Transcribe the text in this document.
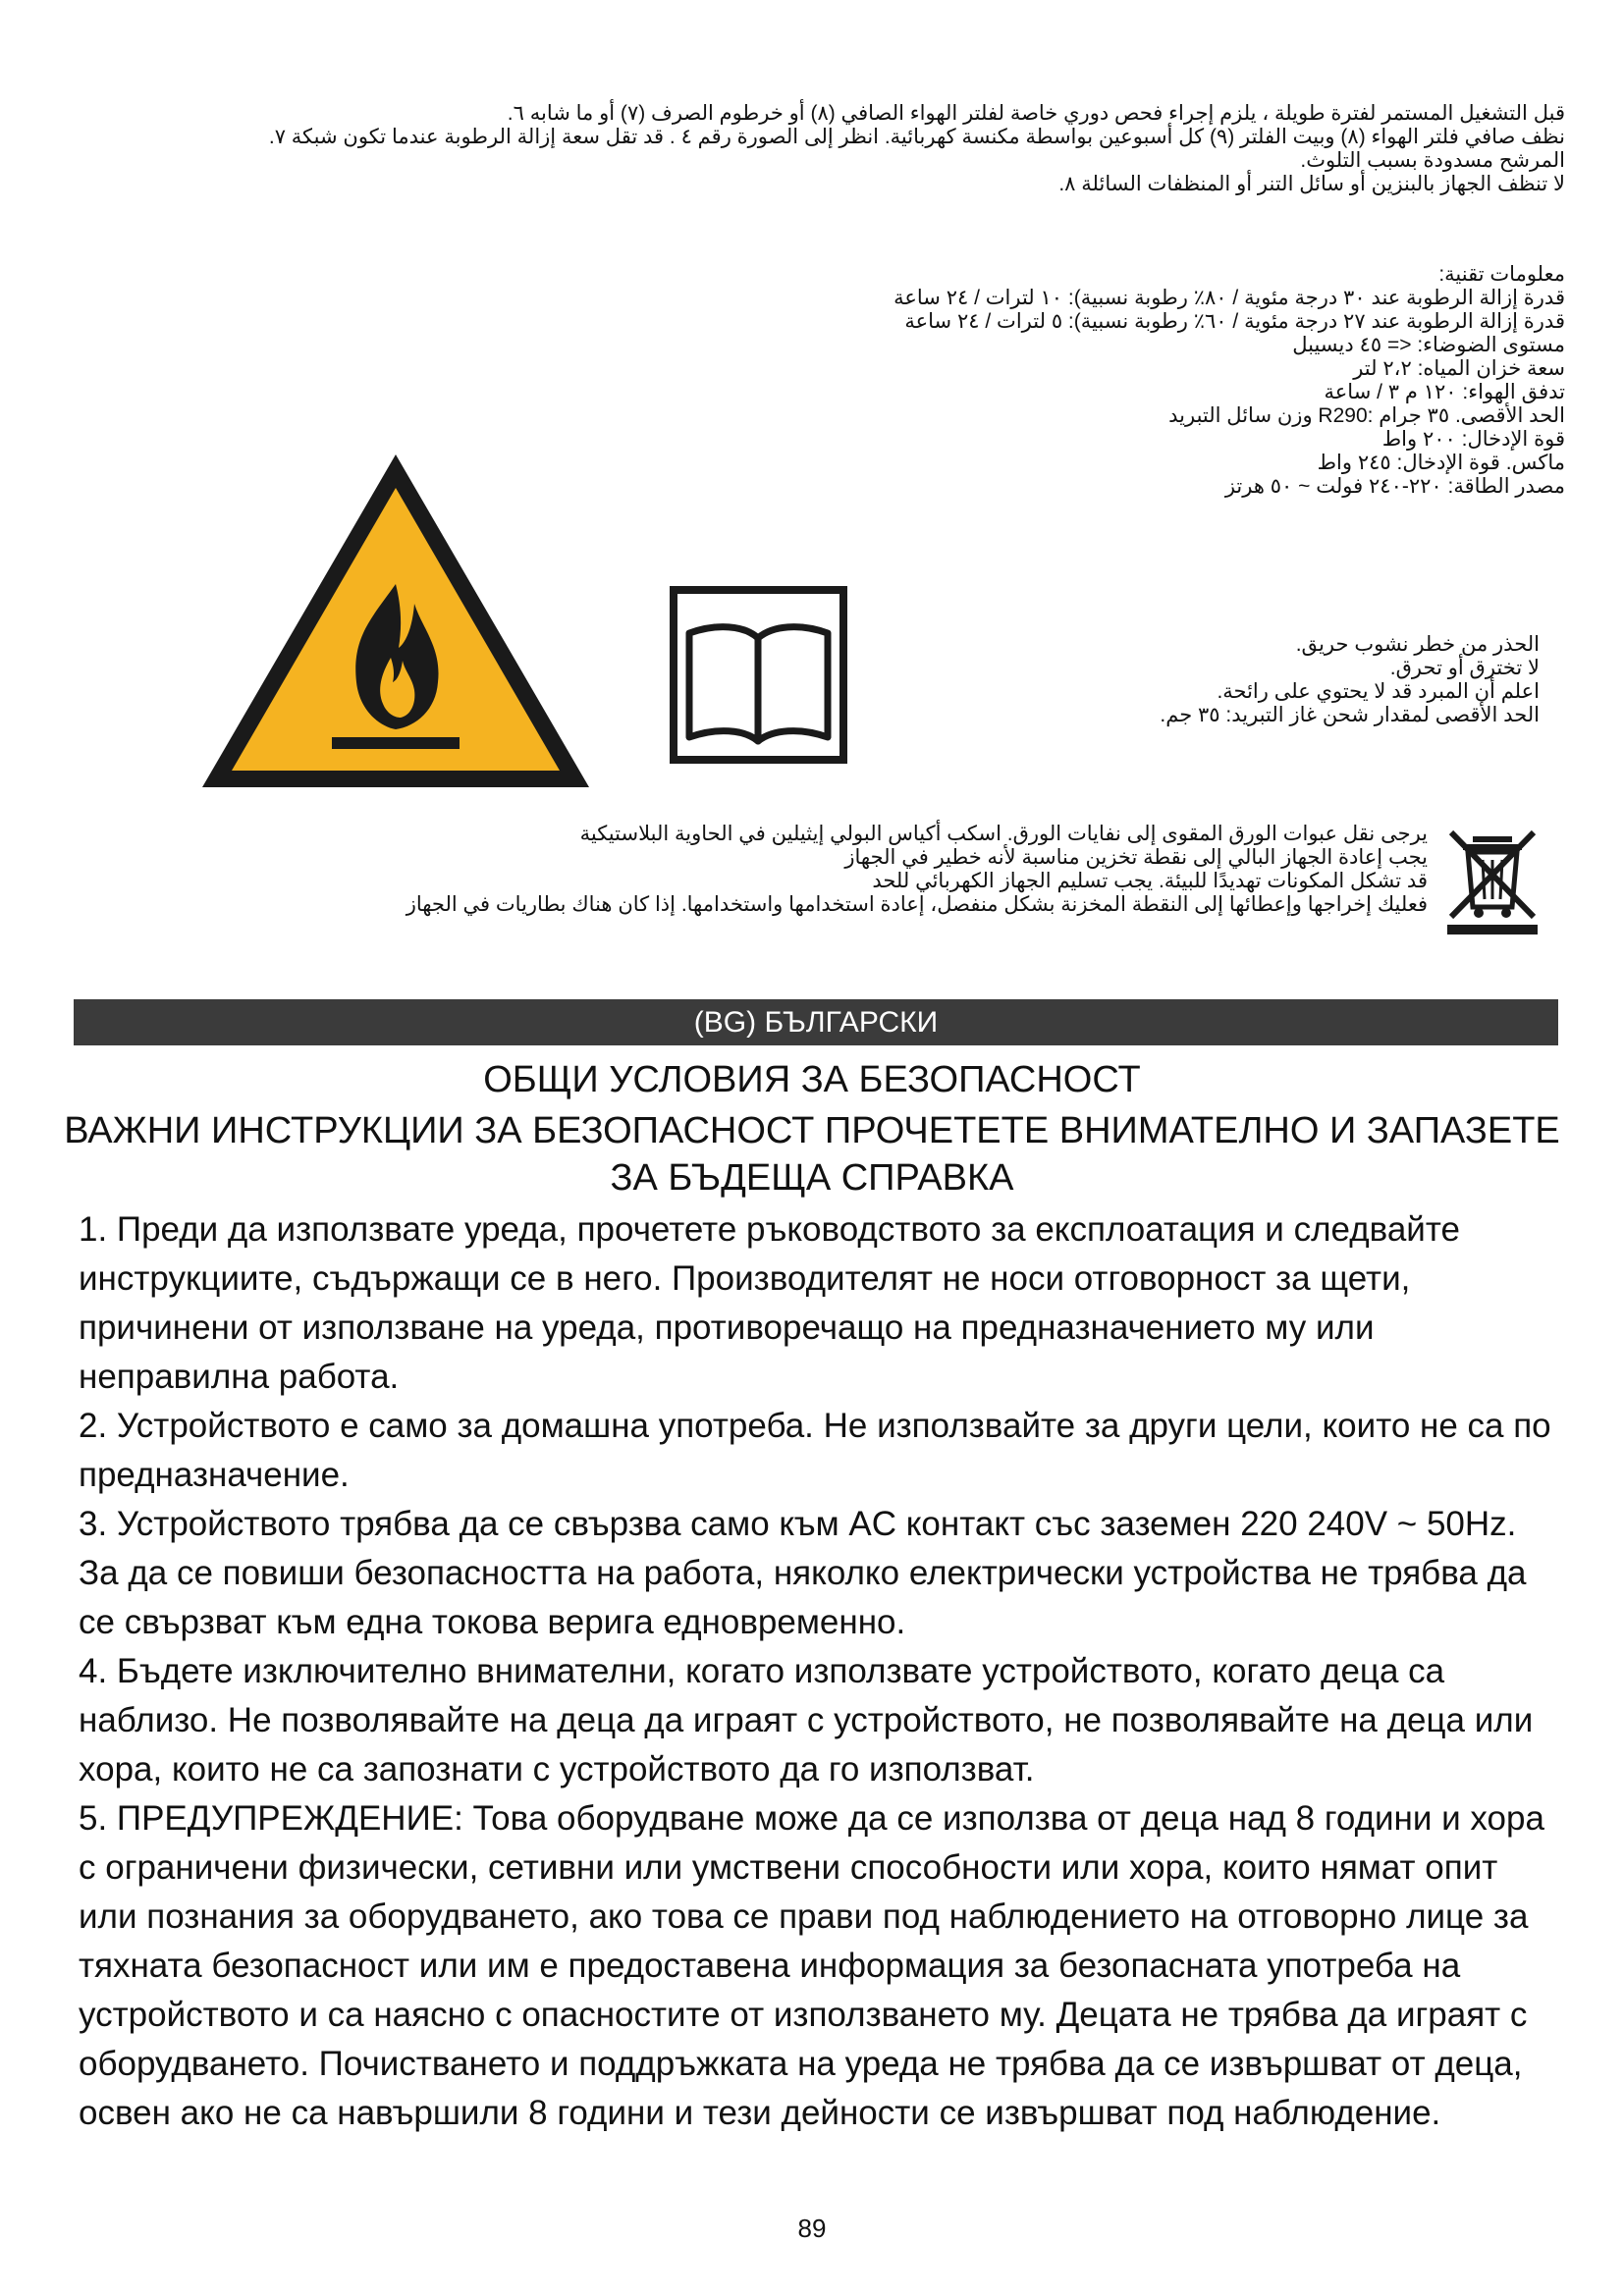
قبل التشغيل المستمر لفترة طويلة ، يلزم إجراء فحص دوري خاصة لفلتر الهواء الصافي (٨) أو خرطوم الصرف (٧) أو ما شابه ٦.

نظف صافي فلتر الهواء (٨) وبيت الفلتر (٩) كل أسبوعين بواسطة مكنسة كهربائية. انظر إلى الصورة رقم ٤ . قد تقل سعة إزالة الرطوبة عندما تكون شبكة ٧.

المرشح مسدودة بسبب التلوث.

لا تنظف الجهاز بالبنزين أو سائل التنر أو المنظفات السائلة ٨.

معلومات تقنية:

قدرة إزالة الرطوبة عند ٣٠ درجة مئوية / ٨٠٪ رطوبة نسبية): ١٠ لترات / ٢٤ ساعة

قدرة إزالة الرطوبة عند ٢٧ درجة مئوية / ٦٠٪ رطوبة نسبية): ٥ لترات / ٢٤ ساعة

مستوى الضوضاء: <= ٤٥ ديسيبل

سعة خزان المياه: ٢،٢ لتر

تدفق الهواء: ١٢٠ م ٣ / ساعة

الحد الأقصى. ٣٥ جرام :R290 وزن سائل التبريد

قوة الإدخال: ٢٠٠ واط

ماكس. قوة الإدخال: ٢٤٥ واط

مصدر الطاقة: ٢٢٠-٢٤٠ فولت ~ ٥٠ هرتز

الحذر من خطر نشوب حريق.

لا تخترق أو تحرق.

اعلم أن المبرد قد لا يحتوي على رائحة.

الحد الأقصى لمقدار شحن غاز التبريد: ٣٥ جم.

يرجى نقل عبوات الورق المقوى إلى نفايات الورق. اسكب أكياس البولي إيثيلين في الحاوية البلاستيكية

يجب إعادة الجهاز البالي إلى نقطة تخزين مناسبة لأنه خطير في الجهاز

قد تشكل المكونات تهديدًا للبيئة. يجب تسليم الجهاز الكهربائي للحد

فعليك إخراجها وإعطائها إلى النقطة المخزنة بشكل منفصل، إعادة استخدامها واستخدامها. إذا كان هناك بطاريات في الجهاز

(BG) БЪЛГАРСКИ
ОБЩИ УСЛОВИЯ ЗА БЕЗОПАСНОСТ
ВАЖНИ ИНСТРУКЦИИ ЗА БЕЗОПАСНОСТ ПРОЧЕТЕТЕ ВНИМАТЕЛНО И ЗАПАЗЕТЕ ЗА БЪДЕЩА СПРАВКА

1. Преди да използвате уреда, прочетете ръководството за експлоатация и следвайте инструкциите, съдържащи се в него. Производителят не носи отговорност за щети, причинени от използване на уреда, противоречащо на предназначението му или неправилна работа.

2. Устройството е само за домашна употреба. Не използвайте за други цели, които не са по предназначение.

3. Устройството трябва да се свързва само към AC контакт със заземен 220 240V ~ 50Hz. За да се повиши безопасността на работа, няколко електрически устройства не трябва да се свързват към една токова верига едновременно.

4. Бъдете изключително внимателни, когато използвате устройството, когато деца са наблизо. Не позволявайте на деца да играят с устройството, не позволявайте на деца или хора, които не са запознати с устройството да го използват.

5. ПРЕДУПРЕЖДЕНИЕ: Това оборудване може да се използва от деца над 8 години и хора с ограничени физически, сетивни или умствени способности или хора, които нямат опит или познания за оборудването, ако това се прави под наблюдението на отговорно лице за тяхната безопасност или им е предоставена информация за безопасната употреба на устройството и са наясно с опасностите от използването му. Децата не трябва да играят с оборудването. Почистването и поддръжката на уреда не трябва да се извършват от деца, освен ако не са навършили 8 години и тези дейности се извършват под наблюдение.

89
